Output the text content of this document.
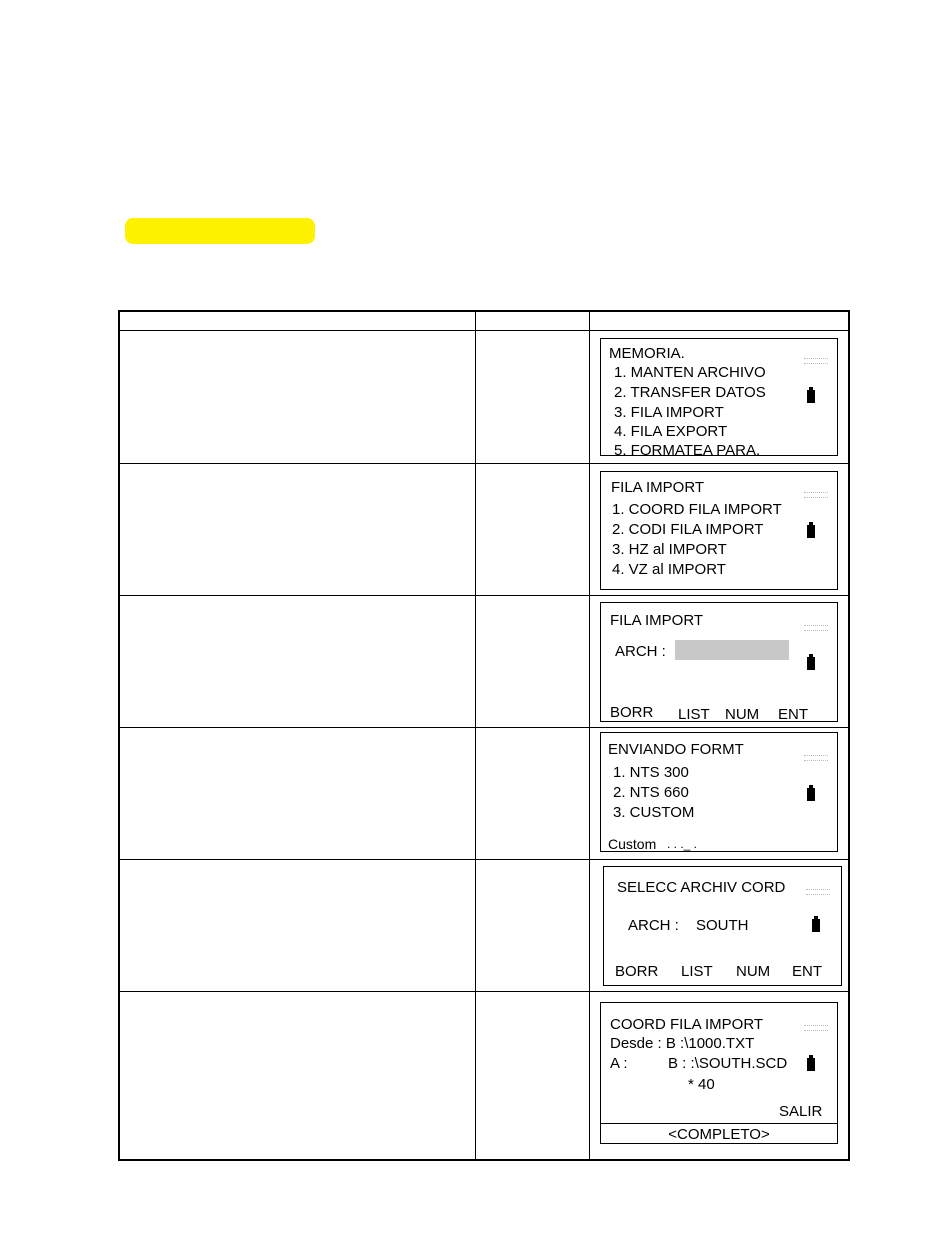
MEMORIA.
1. MANTEN ARCHIVO
2. TRANSFER DATOS
3. FILA IMPORT
4. FILA EXPORT
5. FORMATEA PARA.
FILA IMPORT
1. COORD FILA IMPORT
2. CODI FILA IMPORT
3. HZ al IMPORT
4. VZ al IMPORT
FILA IMPORT
ARCH :
BORR LIST NUM ENT
ENVIANDO FORMT
1. NTS 300
2. NTS 660
3. CUSTOM
Custom . . ._ .
SELECC ARCHIV CORD
ARCH : SOUTH
BORR LIST NUM ENT
COORD FILA IMPORT
Desde : B :\1000.TXT
A :	B : :\SOUTH.SCD
* 40
SALIR
<COMPLETO>
